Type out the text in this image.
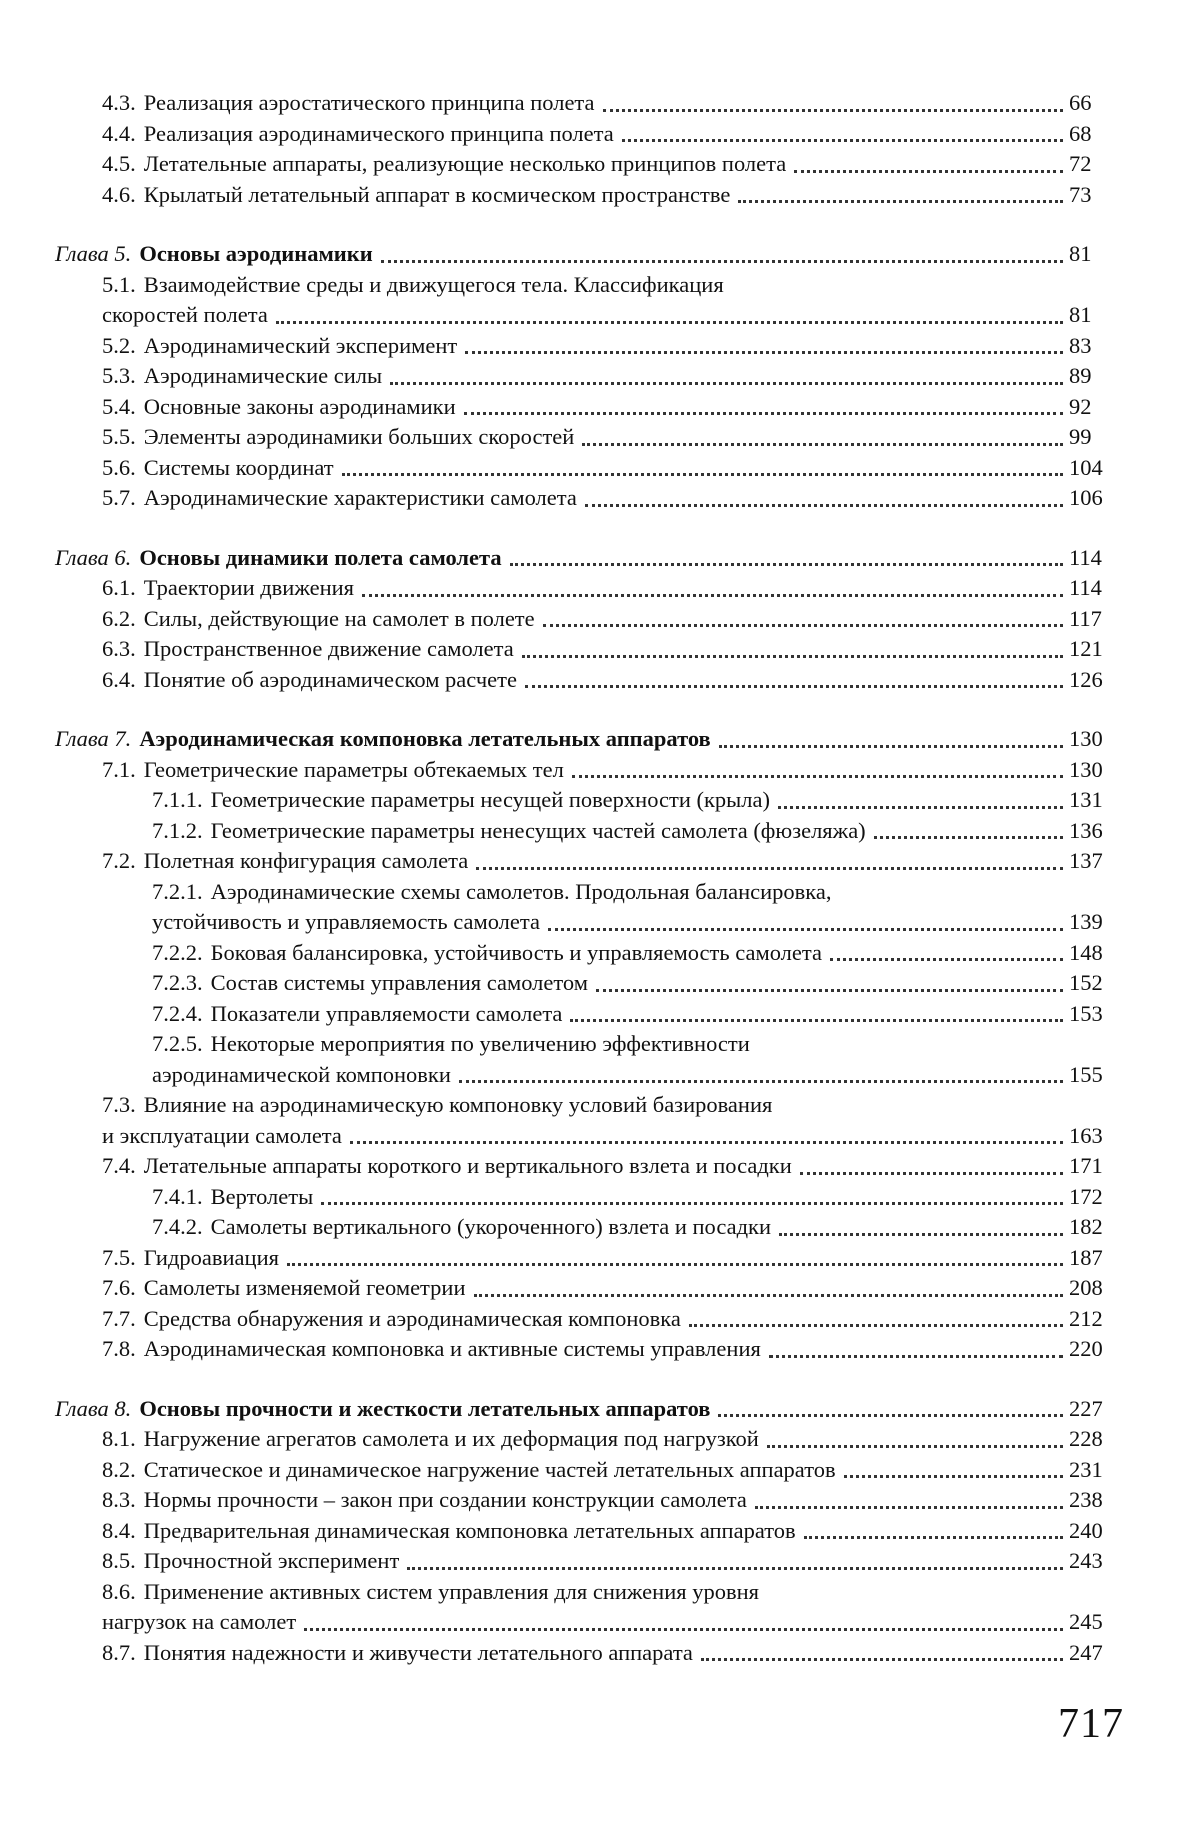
4.3. Реализация аэростатического принципа полета	66
4.4. Реализация аэродинамического принципа полета	68
4.5. Летательные аппараты, реализующие несколько принципов полета	72
4.6. Крылатый летательный аппарат в космическом пространстве	73
Глава 5. Основы аэродинамики	81
5.1. Взаимодействие среды и движущегося тела. Классификация
скоростей полета	81
5.2. Аэродинамический эксперимент	83
5.3. Аэродинамические силы	89
5.4. Основные законы аэродинамики	92
5.5. Элементы аэродинамики больших скоростей	99
5.6. Системы координат	104
5.7. Аэродинамические характеристики самолета	106
Глава 6. Основы динамики полета самолета	114
6.1. Траектории движения	114
6.2. Силы, действующие на самолет в полете	117
6.3. Пространственное движение самолета	121
6.4. Понятие об аэродинамическом расчете	126
Глава 7. Аэродинамическая компоновка летательных аппаратов	130
7.1. Геометрические параметры обтекаемых тел	130
7.1.1. Геометрические параметры несущей поверхности (крыла)	131
7.1.2. Геометрические параметры ненесущих частей самолета (фюзеляжа)	136
7.2. Полетная конфигурация самолета	137
7.2.1. Аэродинамические схемы самолетов. Продольная балансировка,
устойчивость и управляемость самолета	139
7.2.2. Боковая балансировка, устойчивость и управляемость самолета	148
7.2.3. Состав системы управления самолетом	152
7.2.4. Показатели управляемости самолета	153
7.2.5. Некоторые мероприятия по увеличению эффективности
аэродинамической компоновки	155
7.3. Влияние на аэродинамическую компоновку условий базирования
и эксплуатации самолета	163
7.4. Летательные аппараты короткого и вертикального взлета и посадки	171
7.4.1. Вертолеты	172
7.4.2. Самолеты вертикального (укороченного) взлета и посадки	182
7.5. Гидроавиация	187
7.6. Самолеты изменяемой геометрии	208
7.7. Средства обнаружения и аэродинамическая компоновка	212
7.8. Аэродинамическая компоновка и активные системы управления	220
Глава 8. Основы прочности и жесткости летательных аппаратов	227
8.1. Нагружение агрегатов самолета и их деформация под нагрузкой	228
8.2. Статическое и динамическое нагружение частей летательных аппаратов	231
8.3. Нормы прочности – закон при создании конструкции самолета	238
8.4. Предварительная динамическая компоновка летательных аппаратов	240
8.5. Прочностной эксперимент	243
8.6. Применение активных систем управления для снижения уровня
нагрузок на самолет	245
8.7. Понятия надежности и живучести летательного аппарата	247
717
